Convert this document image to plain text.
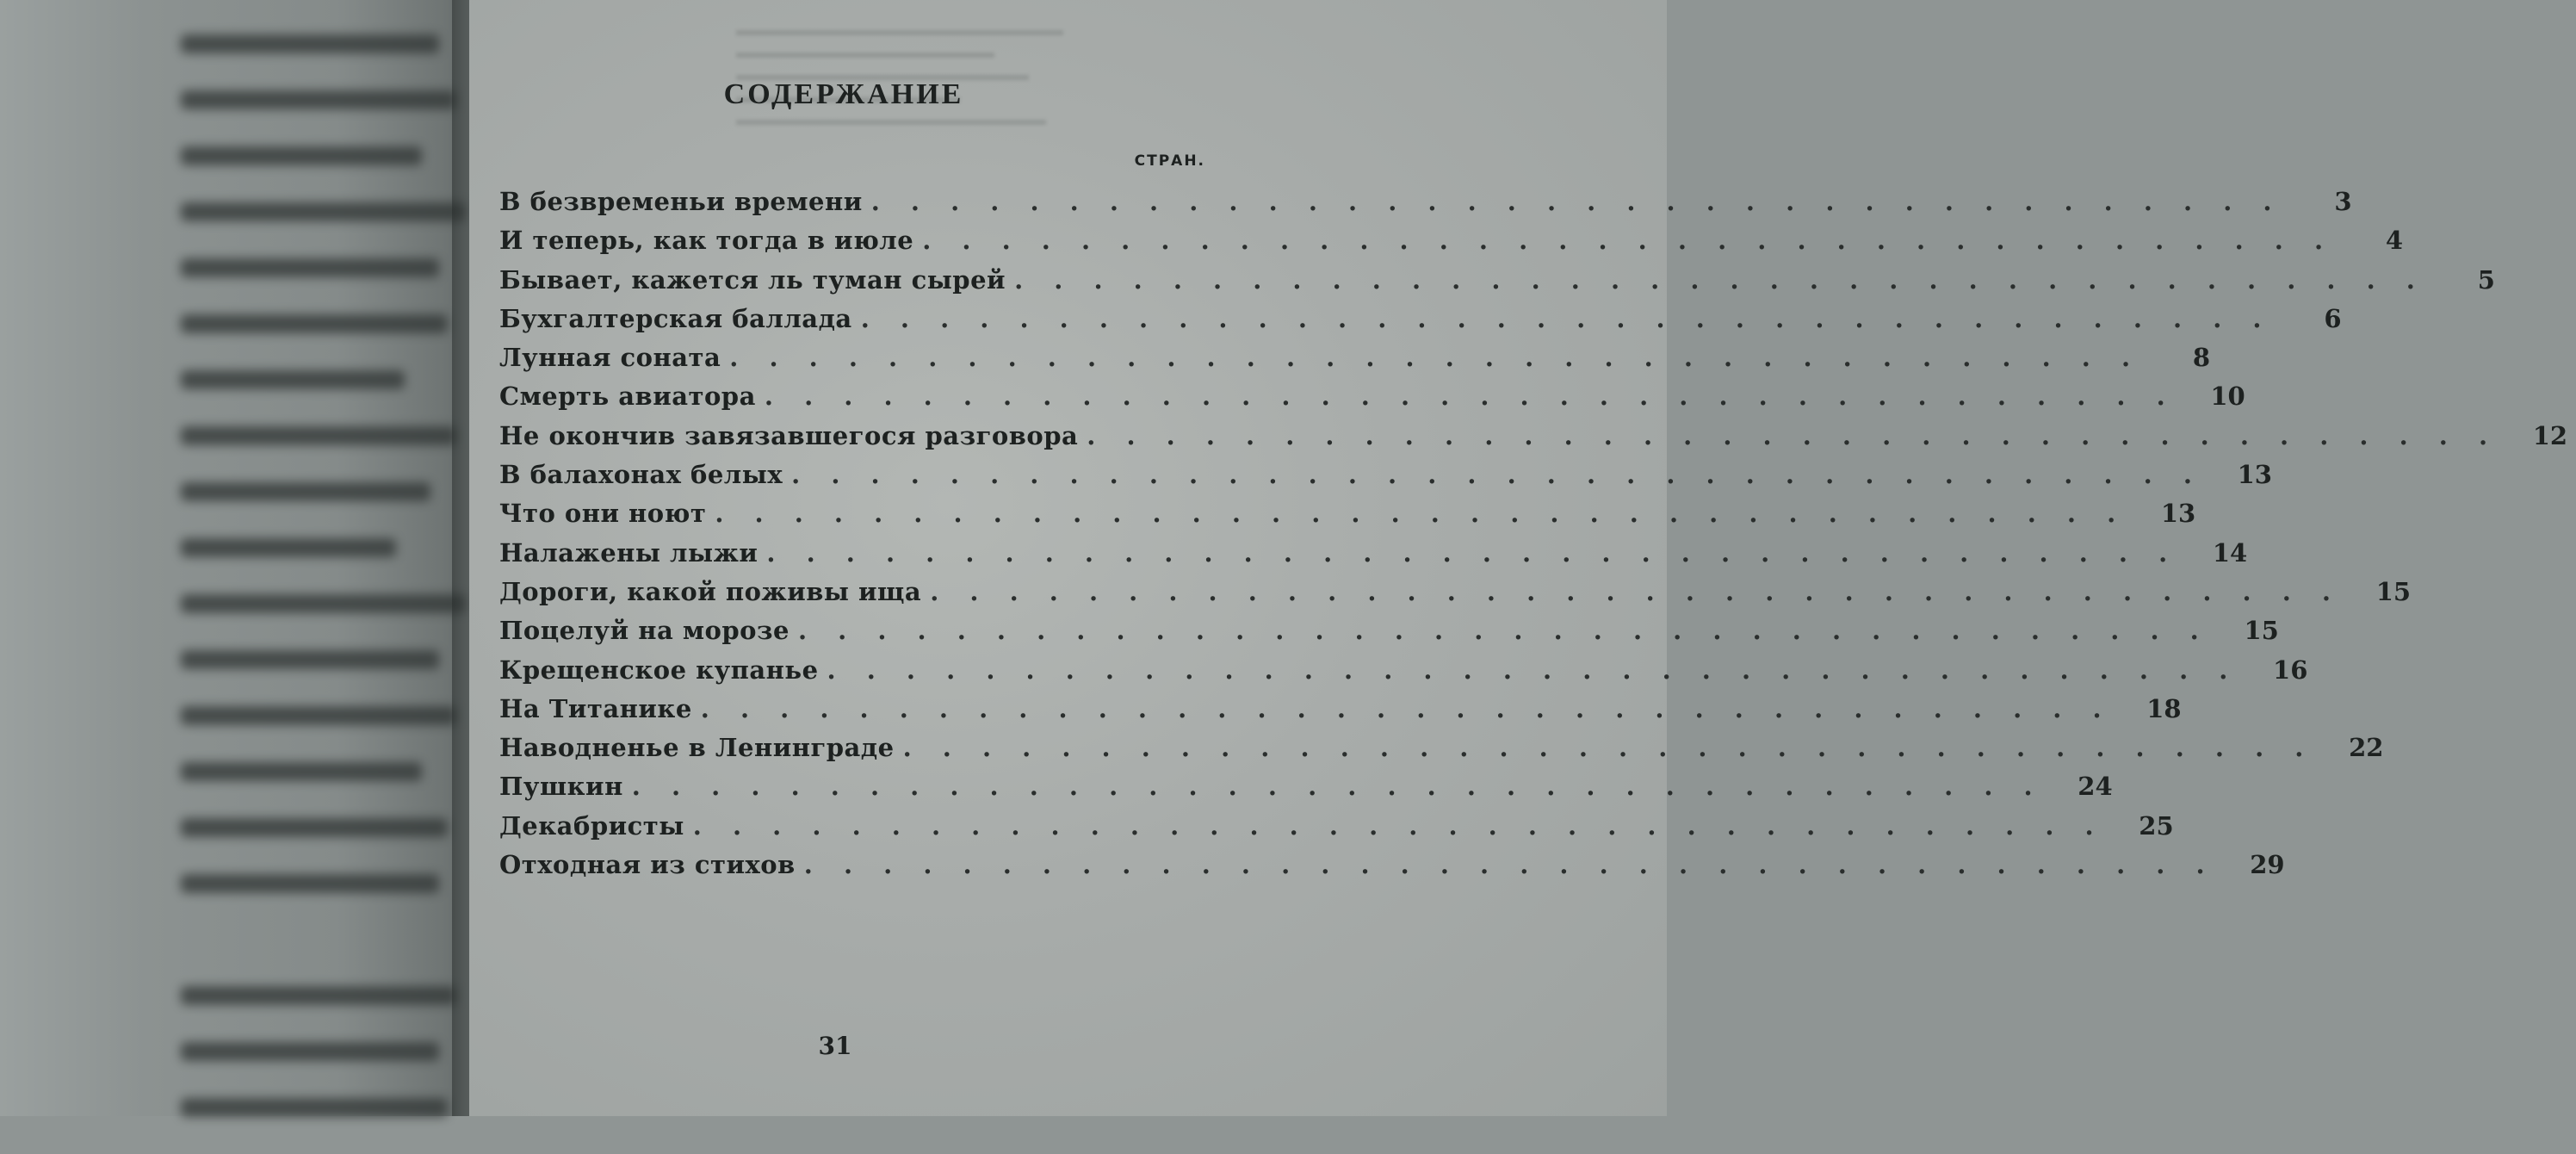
СОДЕРЖАНИЕ
СТРАН.
В безвременьи времени . . . . . . . . . . . . . . . . . . . . . . . . . . . . . . . . . . . .	3
И теперь, как тогда в июле . . . . . . . . . . . . . . . . . . . . . . . . . . . . . . . . . . . .	4
Бывает, кажется ль туман сырей . . . . . . . . . . . . . . . . . . . . . . . . . . . . . . . . . . . .	5
Бухгалтерская баллада . . . . . . . . . . . . . . . . . . . . . . . . . . . . . . . . . . . .	6
Лунная соната . . . . . . . . . . . . . . . . . . . . . . . . . . . . . . . . . . . .	8
Смерть авиатора . . . . . . . . . . . . . . . . . . . . . . . . . . . . . . . . . . . .	10
Не окончив завязавшегося разговора . . . . . . . . . . . . . . . . . . . . . . . . . . . . . . . . . . . .	12
В балахонах белых . . . . . . . . . . . . . . . . . . . . . . . . . . . . . . . . . . . .	13
Что они ноют . . . . . . . . . . . . . . . . . . . . . . . . . . . . . . . . . . . .	13
Налажены лыжи . . . . . . . . . . . . . . . . . . . . . . . . . . . . . . . . . . . .	14
Дороги, какой поживы ища . . . . . . . . . . . . . . . . . . . . . . . . . . . . . . . . . . . .	15
Поцелуй на морозе . . . . . . . . . . . . . . . . . . . . . . . . . . . . . . . . . . . .	15
Крещенское купанье . . . . . . . . . . . . . . . . . . . . . . . . . . . . . . . . . . . .	16
На Титанике . . . . . . . . . . . . . . . . . . . . . . . . . . . . . . . . . . . .	18
Наводненье в Ленинграде . . . . . . . . . . . . . . . . . . . . . . . . . . . . . . . . . . . .	22
Пушкин . . . . . . . . . . . . . . . . . . . . . . . . . . . . . . . . . . . .	24
Декабристы . . . . . . . . . . . . . . . . . . . . . . . . . . . . . . . . . . . .	25
Отходная из стихов . . . . . . . . . . . . . . . . . . . . . . . . . . . . . . . . . . . .	29
31
